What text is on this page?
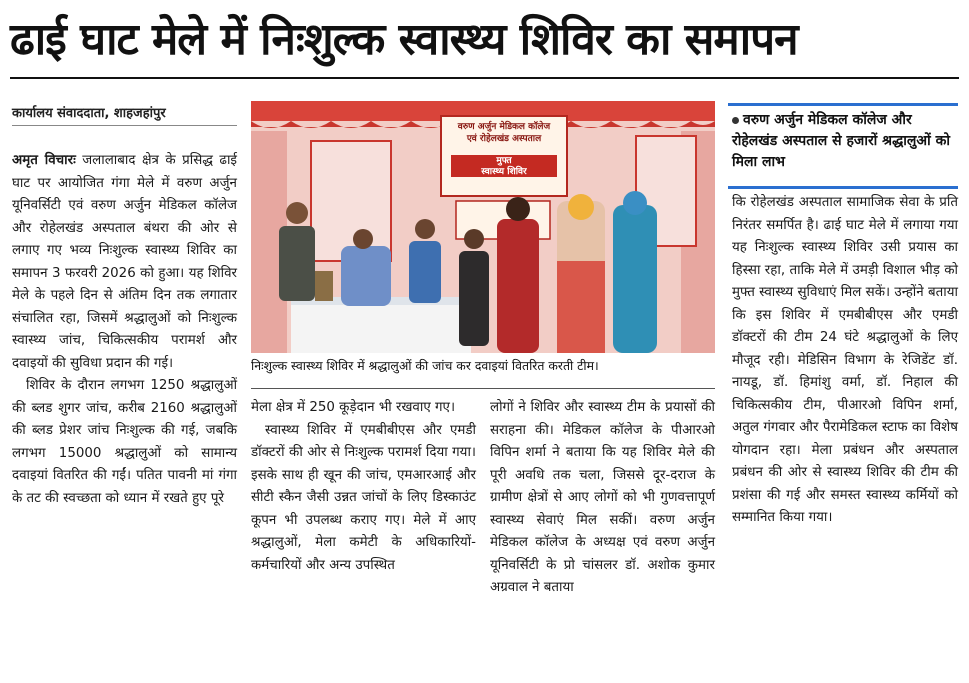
ढाई घाट मेले में निःशुल्क स्वास्थ्य शिविर का समापन
कार्यालय संवाददाता, शाहजहांपुर

अमृत विचारः जलालाबाद क्षेत्र के प्रसिद्ध ढाई घाट पर आयोजित गंगा मेले में वरुण अर्जुन यूनिवर्सिटी एवं वरुण अर्जुन मेडिकल कॉलेज और रोहेलखंड अस्पताल बंथरा की ओर से लगाए गए भव्य निःशुल्क स्वास्थ्य शिविर का समापन 3 फरवरी 2026 को हुआ। यह शिविर मेले के पहले दिन से अंतिम दिन तक लगातार संचालित रहा, जिसमें श्रद्धालुओं को निःशुल्क स्वास्थ्य जांच, चिकित्सकीय परामर्श और दवाइयों की सुविधा प्रदान की गई।

शिविर के दौरान लगभग 1250 श्रद्धालुओं की ब्लड शुगर जांच, करीब 2160 श्रद्धालुओं की ब्लड प्रेशर जांच निःशुल्क की गई, जबकि लगभग 15000 श्रद्धालुओं को सामान्य दवाइयां वितरित की गईं। पतित पावनी मां गंगा के तट की स्वच्छता को ध्यान में रखते हुए पूरे

वरुण अर्जुन मेडिकल कॉलेज
एवं रोहेलखंड अस्पताल
मुफ्त
स्वास्थ्य शिविर
निःशुल्क स्वास्थ्य शिविर में श्रद्धालुओं की जांच कर दवाइयां वितरित करती टीम।
वरुण अर्जुन मेडिकल कॉलेज और रोहेलखंड अस्पताल से हजारों श्रद्धालुओं को मिला लाभ

मेला क्षेत्र में 250 कूड़ेदान भी रखवाए गए।

स्वास्थ्य शिविर में एमबीबीएस और एमडी डॉक्टरों की ओर से निःशुल्क परामर्श दिया गया। इसके साथ ही खून की जांच, एमआरआई और सीटी स्कैन जैसी उन्नत जांचों के लिए डिस्काउंट कूपन भी उपलब्ध कराए गए। मेले में आए श्रद्धालुओं, मेला कमेटी के अधिकारियों-कर्मचारियों और अन्य उपस्थित

लोगों ने शिविर और स्वास्थ्य टीम के प्रयासों की सराहना की। मेडिकल कॉलेज के पीआरओ विपिन शर्मा ने बताया कि यह शिविर मेले की पूरी अवधि तक चला, जिससे दूर-दराज के ग्रामीण क्षेत्रों से आए लोगों को भी गुणवत्तापूर्ण स्वास्थ्य सेवाएं मिल सकीं। वरुण अर्जुन मेडिकल कॉलेज के अध्यक्ष एवं वरुण अर्जुन यूनिवर्सिटी के प्रो चांसलर डॉ. अशोक कुमार अग्रवाल ने बताया

कि रोहेलखंड अस्पताल सामाजिक सेवा के प्रति निरंतर समर्पित है। ढाई घाट मेले में लगाया गया यह निःशुल्क स्वास्थ्य शिविर उसी प्रयास का हिस्सा रहा, ताकि मेले में उमड़ी विशाल भीड़ को मुफ्त स्वास्थ्य सुविधाएं मिल सकें। उन्होंने बताया कि इस शिविर में एमबीबीएस और एमडी डॉक्टरों की टीम 24 घंटे श्रद्धालुओं के लिए मौजूद रही। मेडिसिन विभाग के रेजिडेंट डॉ. नायडू, डॉ. हिमांशु वर्मा, डॉ. निहाल की चिकित्सकीय टीम, पीआरओ विपिन शर्मा, अतुल गंगवार और पैरामेडिकल स्टाफ का विशेष योगदान रहा। मेला प्रबंधन और अस्पताल प्रबंधन की ओर से स्वास्थ्य शिविर की टीम की प्रशंसा की गई और समस्त स्वास्थ्य कर्मियों को सम्मानित किया गया।
